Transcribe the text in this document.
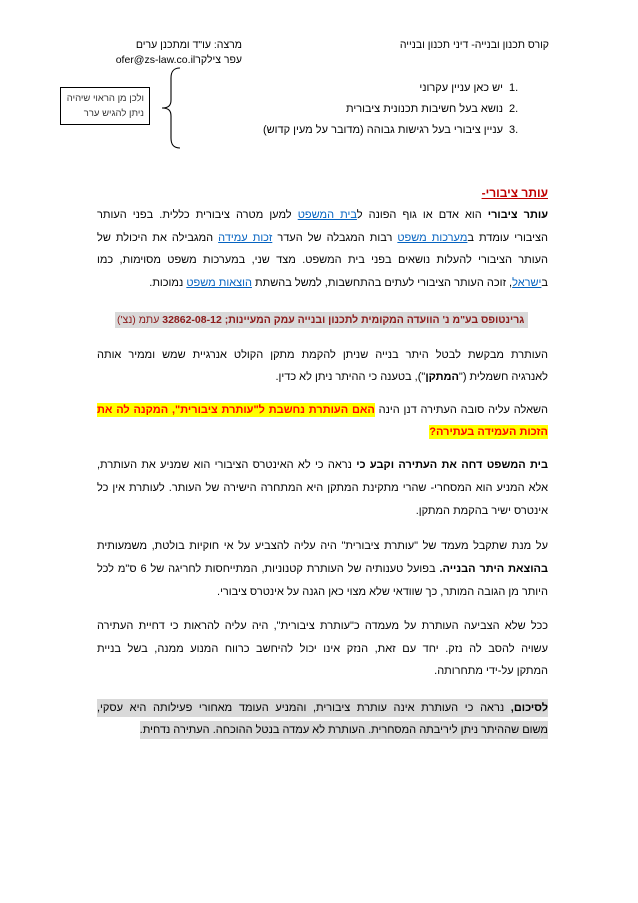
קורס תכנון ובנייה- דיני תכנון ובנייה
מרצה: עו"ד ומתכנן ערים
עפר צילקרofer@zs-law.co.il
1.
יש כאן עניין עקרוני
2.
נושא בעל חשיבות תכנונית ציבורית
3.
עניין ציבורי בעל רגישות גבוהה (מדובר על מעין קדוש)
ולכן מן הראוי שיהיה
ניתן להגיש ערר
עותר ציבורי-
עותר ציבורי הוא אדם או גוף הפונה לבית המשפט למען מטרה ציבורית כללית. בפני העותר
הציבורי עומדת במערכות משפט רבות המגבלה של העדר זכות עמידה המגבילה את היכולת של
העותר הציבורי להעלות נושאים בפני בית המשפט. מצד שני, במערכות משפט מסוימות, כמו
בישראל, זוכה העותר הציבורי לעתים בהתחשבות, למשל בהשתת הוצאות משפט נמוכות.
עתמ (נצ') 32862-08-12 גרינטופס בע"מ נ' הוועדה המקומית לתכנון ובנייה עמק המעיינות;
העותרת מבקשת לבטל היתר בנייה שניתן להקמת מתקן הקולט אנרגיית שמש וממיר אותה
לאנרגיה חשמלית ("המתקן"), בטענה כי ההיתר ניתן לא כדין.
השאלה עליה סובה העתירה דנן הינה האם העותרת נחשבת ל"עותרת ציבורית", המקנה לה את
הזכות העמידה בעתירה?
בית המשפט דחה את העתירה וקבע כי נראה כי לא האינטרס הציבורי הוא שמניע את העותרת,
אלא המניע הוא המסחרי- שהרי מתקינת המתקן היא המתחרה הישירה של העותר. לעותרת אין כל
אינטרס ישיר בהקמת המתקן.
על מנת שתקבל מעמד של "עותרת ציבורית" היה עליה להצביע על אי חוקיות בולטת, משמעותית
בהוצאת היתר הבנייה. בפועל טענותיה של העותרת קטנוניות, המתייחסות לחריגה של 6 ס"מ לכל
היותר מן הגובה המותר, כך שוודאי שלא מצוי כאן הגנה על אינטרס ציבורי.
ככל שלא הצביעה העותרת על מעמדה כ"עותרת ציבורית", היה עליה להראות כי דחיית העתירה
עשויה להסב לה נזק. יחד עם זאת, הנזק אינו יכול להיחשב כרווח המנוע ממנה, בשל בניית
המתקן על-ידי מתחרותה.
לסיכום, נראה כי העותרת אינה עותרת ציבורית, והמניע העומד מאחורי פעילותה היא עסקי,
משום שההיתר ניתן ליריבתה המסחרית. העותרת לא עמדה בנטל ההוכחה. העתירה נדחית.
